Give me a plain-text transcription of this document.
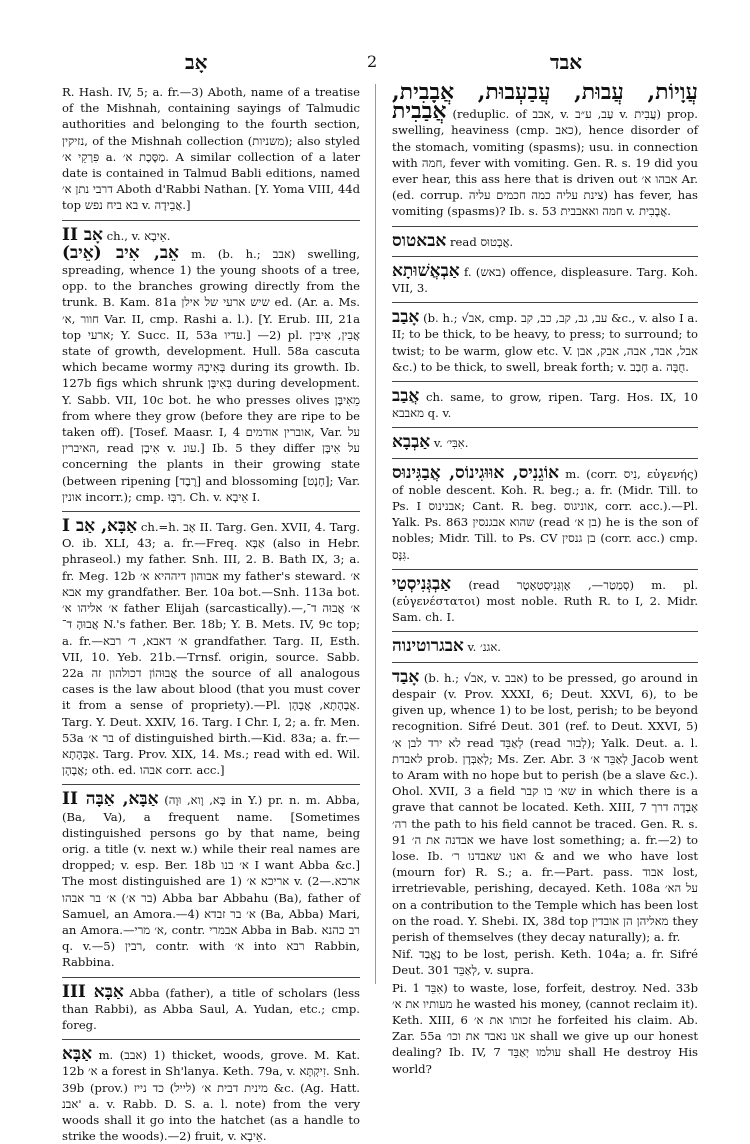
אָב	2	אבד

R. Hash. IV, 5; a. fr.—3) Aboth, name of a treatise of the Mishnah, containing sayings of Talmudic authorities and belonging to the fourth section, נזיקין, of the Mishnah collection (משניות); also styled פִּרְקֵי א׳ a. מַסֶּכֶת א׳. A similar collection of a later date is contained in Talmud Babli editions, named דרבי נתן א׳ Aboth d'Rabbi Nathan. [Y. Yoma VIII, 44d top בא ביח נפש v. אֲבֵידָה.]

אָב II ch., v. אֵיבָא.

אֵב, אִיב (אֵיב) m. (b. h.; אבב) swelling, spreading, whence 1) the young shoots of a tree, opp. to the branches growing directly from the trunk. B. Kam. 81a שיש ארעי של אילן ed. (Ar. a. Ms. חוור ,א׳ Var. II, cmp. Rashi a. l.). [Y. Erub. III, 21a top ארעי; Y. Succ. II, 53a עדיו.] —2) pl. אֲבִין, אִיבִין state of growth, development. Hull. 58a cascuta which became wormy בְּאִיבָהּ during its growth. Ib. 127b figs which shrunk בְּאִיבָּן during development. Y. Sabb. VII, 10c bot. he who presses olives מֵאִיבָּן from where they grow (before they are ripe to be taken off). [Tosef. Maasr. I, 4 אוברין אודמים, Var. על האיברין, read אִיבָן v. עונ.] Ib. 5 they differ על אִיבָּן concerning the plants in their growing state (between ripening [רֶבֶד] and blossoming [חָנָט]; Var. אונין incorr.); cmp. רִבְּוּ. Ch. v. אֵיבָא I.

אַבָּא, אַב I ch.=h. אָב II. Targ. Gen. XVII, 4. Targ. O. ib. XLI, 43; a. fr.—Freq. אַבָּא (also in Hebr. phraseol.) my father. Snh. III, 2. B. Bath IX, 3; a. fr. Meg. 12b אבוהון דיההיא א׳ my father's steward. א׳ אבא my grandfather. Ber. 10a bot.—Snh. 113a bot. א׳ אליהו א׳ father Elijah (sarcastically).—א׳ אֲבוּה ד־, אֲבוּהָ ד־ N.'s father. Ber. 18b; Y. B. Mets. IV, 9c top; a. fr.—א׳ דאבא, ד׳ רבא grandfather. Targ. II, Esth. VII, 10. Yeb. 21b.—Trnsf. origin, source. Sabb. 22a אֲבוּהוֹן דכולהון זה the source of all analogous cases is the law about blood (that you must cover it from a sense of propriety).—Pl. אֲבָהָתָא, אֲבָהָן. Targ. Y. Deut. XXIV, 16. Targ. I Chr. I, 2; a. fr. Men. 53a בר א׳ of distinguished birth.—Kid. 83a; a. fr.—אַבָּהָתָא. Targ. Prov. XIX, 14. Ms.; read with ed. Wil. אֲבָהָן; oth. ed. אבהו corr. acc.]

אַבָּא, אַבָּה II (בָּא, וָוא, וּוָה in Y.) pr. n. m. Abba, (Ba, Va), a frequent name. [Sometimes distinguished persons go by that name, being orig. a title (v. next w.) while their real names are dropped; v. esp. Ber. 18b א׳ בנו I want Abba &c.] The most distinguished are 1) אריכא א׳ v. ארכא.—2) (בר א׳) א׳ בר אבהו Abba bar Abbahu (Ba), father of Samuel, an Amora.—4) א׳ בר זבדא (Ba, Abba) Mari, an Amora.—א׳ מרי, contr. אבמרי Abba in Bab. רב כהנא q. v.—5) רבין, contr. with א׳ into רבא Rabbin, Rabbina.

אַבָּא III Abba (father), a title of scholars (less than Rabbi), as Abba Saul, A. Yudan, etc.; cmp. foreg.

אַבָּא m. (אבב) 1) thicket, woods, grove. M. Kat. 12b א׳ a forest in Sh'lanya. Keth. 79a, v. זִיקְתָּא. Snh. 39b (prov.) מינית דבית א׳ (לייל) כד נייז &c. (Ag. Hatt. אבנ' a. v. Rabb. D. S. a. l. note) from the very woods shall it go into the hatchet (as a handle to strike the woods).—2) fruit, v. אֵיבָא.

עֲוָיוֹת, עֲבוּת, עֲבַעְבוּת, אֲבָבִית, אֲבַבִית (reduplic. of אבב, v. עַב, ע״ב v. עֲבִית) prop. swelling, heaviness (cmp. כאב), hence disorder of the stomach, vomiting (spasms); usu. in connection with חמה, fever with vomiting. Gen. R. s. 19 did you ever hear, this ass here that is driven out אבהו א׳ Ar. (ed. corrup. צינת עליה כמה חכמים עליה) has fever, has vomiting (spasms)? Ib. s. 53 חמה ואאבבית v. אֲבָבִית.

אבאטוס read אֲבָטוּס.

אַבְאֲשׁוּתָא f. (באש) offence, displeasure. Targ. Koh. VII, 3.

אָבַב (b. h.; √אב, cmp. עב, גב, קב, כב, קב &c., v. also I a. II; to be thick, to be heavy, to press; to surround; to twist; to be warm, glow etc. V. אבל, אבד, אבה, אבק, אבן &c.) to be thick, to swell, break forth; v. חָבַב a. חֻבָּה.

אֲבַב ch. same, to grow, ripen. Targ. Hos. IX, 10 מאבבא q. v.

אַבְבָא v. אִבִּי׳.

אוֹגֵנִיס, אוּוּגִינוֹס, אֲבַגִּינוּס m. (corr. נִיס, εὐγενής) of noble descent. Koh. R. beg.; a. fr. (Midr. Till. to Ps. I אבנינוס; Cant. R. beg. אוניגוס, corr. acc.).—Pl. Yalk. Ps. 863 שהוא אבגנסין (read בן א׳) he is the son of nobles; Midr. Till. to Ps. CV בן גנסין (corr. acc.) cmp. גִּנָּס.

אַבְגְּנִיסְטַי (read סְמַטַר—, אֶוְגְּנִיסְטַאֶטֶר) m. pl. (εὐγενέστατοι) most noble. Ruth R. to I, 2. Midr. Sam. ch. I.

אבגרוטינוה v. אגנ׳.

אָבַד (b. h.; √אב, v. אבב) to be pressed, go around in despair (v. Prov. XXXI, 6; Deut. XXVI, 6), to be given up, whence 1) to be lost, perish; to be beyond recognition. Sifré Deut. 301 (ref. to Deut. XXVI, 5) לא ירד לבן א׳ read לְאַבֵּד (read לְבוּר); Yalk. Deut. a. l. לאבדת prob. לְאַבְּדָן; Ms. Zer. Abr. 3 לְאַבֵּד א׳ Jacob went to Aram with no hope but to perish (be a slave &c.). Ohol. XVII, 3 a field שא׳ בו קבר in which there is a grave that cannot be located. Keth. XIII, 7 אָבְדָה דרך רה׳ the path to his field cannot be traced. Gen. R. s. 91 אבדנה את ה׳ we have lost something; a. fr.—2) to lose. Ib. ואנו שאבדנו ר׳ & and we who have lost (mourn for) R. S.; a. fr.—Part. pass. אבוד lost, irretrievable, perishing, decayed. Keth. 108a על הא׳ on a contribution to the Temple which has been lost on the road. Y. Shebi. IX, 38d top מאליהן הן אובדין they perish of themselves (they decay naturally); a. fr.

Nif. נֶאֱבַד to be lost, perish. Keth. 104a; a. fr. Sifré Deut. 301 לְאַבֵּד, v. supra.

Pi. אִבֵּד 1) to waste, lose, forfeit, destroy. Ned. 33b מעותיו את א׳ he wasted his money, (cannot reclaim it). Keth. XIII, 6 זכותו את א׳ he forfeited his claim. Ab. Zar. 55a אנו נאבד את וכו׳ shall we give up our honest dealing? Ib. IV, 7 עולמו יְאַבֵּד shall He destroy His world?
